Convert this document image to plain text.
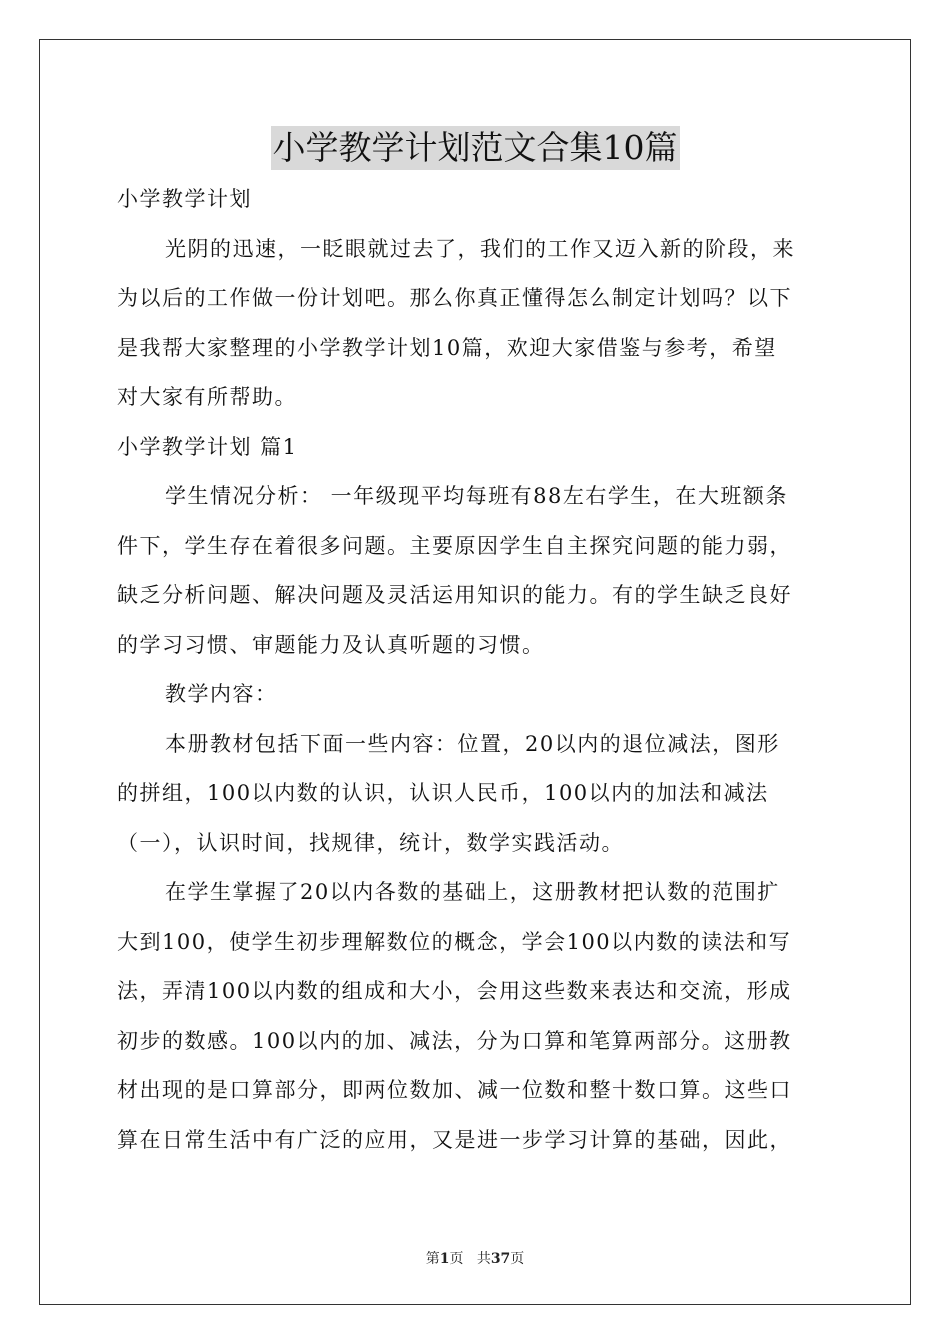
小学教学计划范文合集10篇
小学教学计划
光阴的迅速，一眨眼就过去了，我们的工作又迈入新的阶段，来
为以后的工作做一份计划吧。那么你真正懂得怎么制定计划吗？以下
是我帮大家整理的小学教学计划10篇，欢迎大家借鉴与参考，希望
对大家有所帮助。
小学教学计划 篇1
学生情况分析： 一年级现平均每班有88左右学生，在大班额条
件下，学生存在着很多问题。主要原因学生自主探究问题的能力弱，
缺乏分析问题、解决问题及灵活运用知识的能力。有的学生缺乏良好
的学习习惯、审题能力及认真听题的习惯。
教学内容：
本册教材包括下面一些内容：位置，20以内的退位减法，图形
的拼组，100以内数的认识，认识人民币，100以内的加法和减法
（一），认识时间，找规律，统计，数学实践活动。
在学生掌握了20以内各数的基础上，这册教材把认数的范围扩
大到100，使学生初步理解数位的概念，学会100以内数的读法和写
法，弄清100以内数的组成和大小，会用这些数来表达和交流，形成
初步的数感。100以内的加、减法，分为口算和笔算两部分。这册教
材出现的是口算部分，即两位数加、减一位数和整十数口算。这些口
算在日常生活中有广泛的应用，又是进一步学习计算的基础，因此，
第1页 共37页
